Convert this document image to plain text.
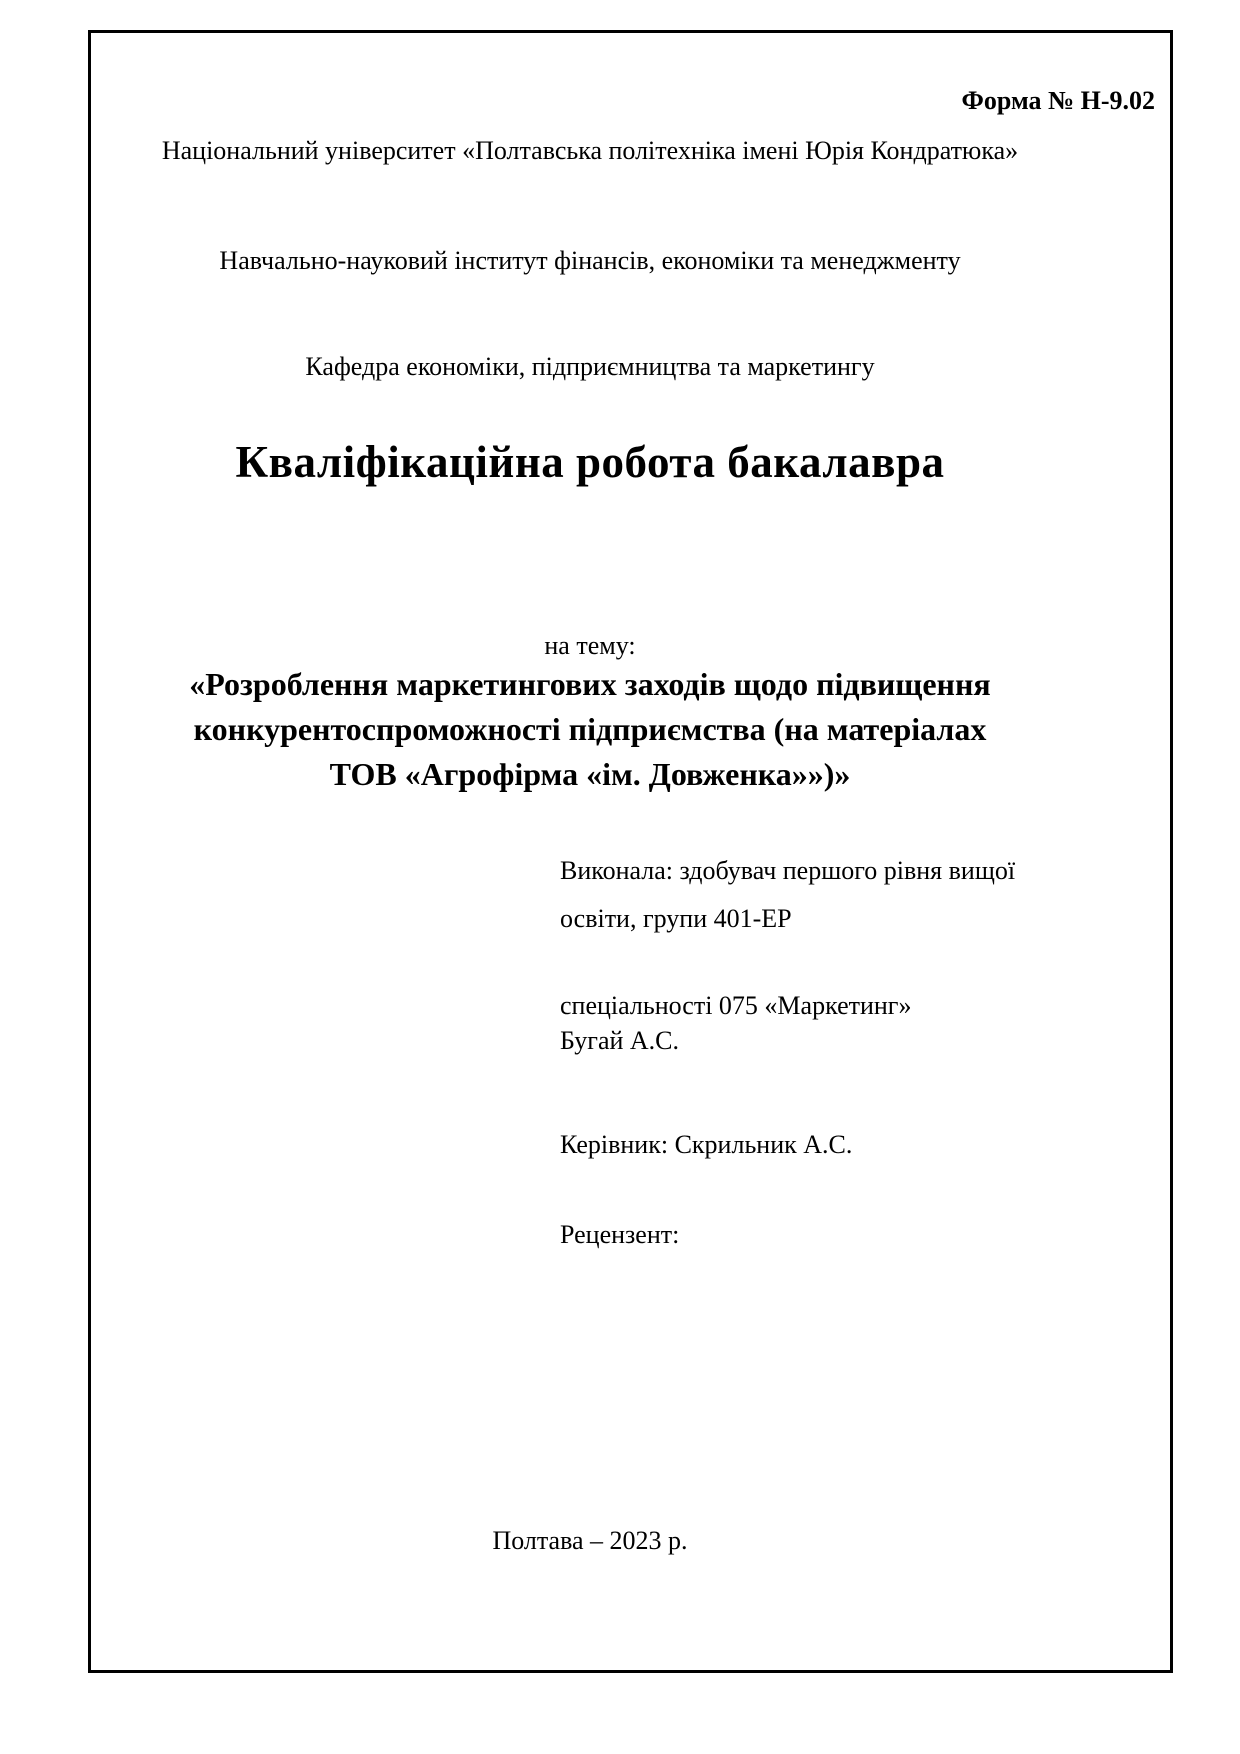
Форма № Н-9.02
Національний університет «Полтавська політехніка імені Юрія Кондратюка»
Навчально-науковий інститут фінансів, економіки та менеджменту
Кафедра економіки, підприємництва та маркетингу
Кваліфікаційна робота бакалавра
на тему:
«Розроблення маркетингових заходів щодо підвищення
конкурентоспроможності підприємства (на матеріалах
ТОВ «Агрофірма «ім. Довженка»»)»
Виконала: здобувач першого рівня вищої
освіти, групи 401-ЕР
спеціальності 075 «Маркетинг»
Бугай А.С.
Керівник: Скрильник А.С.
Рецензент:
Полтава – 2023 р.
